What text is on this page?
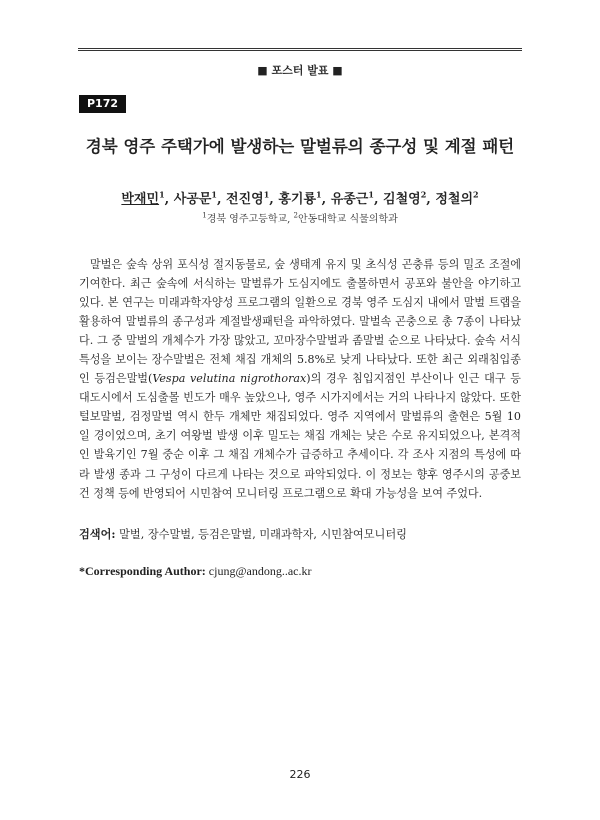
■ 포스터 발표 ■
P172
경북 영주 주택가에 발생하는 말벌류의 종구성 및 계절 패턴
박재민$^1$, 사공문$^1$, 전진영$^1$, 홍기룡$^1$, 유종근$^1$, 김철영$^2$, 정철의$^2$
$^1$경북 영주고등학교, $^2$안동대학교 식물의학과

말벌은 숲속 상위 포식성 절지동물로, 숲 생태계 유지 및 초식성 곤충류 등의 밀조 조절에 기여한다. 최근 숲속에 서식하는 말벌류가 도심지에도 출몰하면서 공포와 불안을 야기하고 있다. 본 연구는 미래과학자양성 프로그램의 일환으로 경북 영주 도심지 내에서 말벌 트랩을 활용하여 말벌류의 종구성과 계절발생패턴을 파악하였다. 말벌속 곤충으로 총 7종이 나타났다. 그 중 말벌의 개체수가 가장 많았고, 꼬마장수말벌과 좀말벌 순으로 나타났다. 숲속 서식 특성을 보이는 장수말벌은 전체 채집 개체의 5.8%로 낮게 나타났다. 또한 최근 외래침입종인 등검은말벌(Vespa velutina nigrothorax)의 경우 침입지점인 부산이나 인근 대구 등 대도시에서 도심출몰 빈도가 매우 높았으나, 영주 시가지에서는 거의 나타나지 않았다. 또한 털보말벌, 검정말벌 역시 한두 개체만 채집되었다. 영주 지역에서 말벌류의 출현은 5월 10일 경이었으며, 초기 여왕벌 발생 이후 밀도는 채집 개체는 낮은 수로 유지되었으나, 본격적인 발육기인 7월 중순 이후 그 채집 개체수가 급증하고 추세이다. 각 조사 지점의 특성에 따라 발생 종과 그 구성이 다르게 나타는 것으로 파악되었다. 이 정보는 향후 영주시의 공중보건 정책 등에 반영되어 시민참여 모니터링 프로그램으로 확대 가능성을 보여 주었다.

검색어: 말벌, 장수말벌, 등검은말벌, 미래과학자, 시민참여모니터링
*Corresponding Author: cjung@andong..ac.kr
226
